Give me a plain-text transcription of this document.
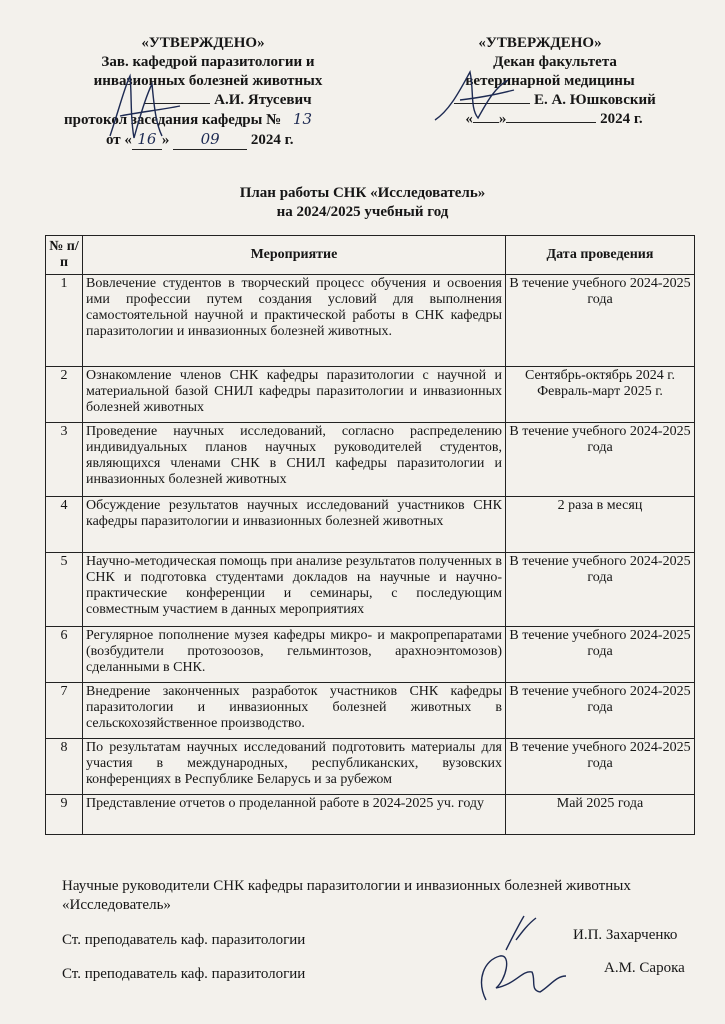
«УТВЕРЖДЕНО»
Зав. кафедрой паразитологии и
инвазионных болезней животных
А.И. Ятусевич
протокол заседания кафедры № 13
от « 16 » 09 2024 г.
«УТВЕРЖДЕНО»
Декан факультета
ветеринарной медицины
Е. А. Юшковский
« »	2024 г.
План работы СНК «Исследователь»
на 2024/2025 учебный год
№ п/п	Мероприятие	Дата проведения
1	Вовлечение студентов в творческий процесс обучения и освоения ими профессии путем создания условий для выполнения самостоятельной научной и практической работы в СНК кафедры паразитологии и инвазионных болезней животных.	В течение учебного 2024-2025 года
2	Ознакомление членов СНК кафедры паразитологии с научной и материальной базой СНИЛ кафедры паразитологии и инвазионных болезней животных	Сентябрь-октябрь 2024 г. Февраль-март 2025 г.
3	Проведение научных исследований, согласно распределению индивидуальных планов научных руководителей студентов, являющихся членами СНК в СНИЛ кафедры паразитологии и инвазионных болезней животных	В течение учебного 2024-2025 года
4	Обсуждение результатов научных исследований участников СНК кафедры паразитологии и инвазионных болезней животных	2 раза в месяц
5	Научно-методическая помощь при анализе результатов полученных в СНК и подготовка студентами докладов на научные и научно-практические конференции и семинары, с последующим совместным участием в данных мероприятиях	В течение учебного 2024-2025 года
6	Регулярное пополнение музея кафедры микро- и макропрепаратами (возбудители протозоозов, гельминтозов, арахноэнтомозов) сделанными в СНК.	В течение учебного 2024-2025 года
7	Внедрение законченных разработок участников СНК кафедры паразитологии и инвазионных болезней животных в сельскохозяйственное производство.	В течение учебного 2024-2025 года
8	По результатам научных исследований подготовить материалы для участия в международных, республиканских, вузовских конференциях в Республике Беларусь и за рубежом	В течение учебного 2024-2025 года
9	Представление отчетов о проделанной работе в 2024-2025 уч. году	Май 2025 года
Научные руководители СНК кафедры паразитологии и инвазионных болезней животных
«Исследователь»
Ст. преподаватель каф. паразитологии	И.П. Захарченко
Ст. преподаватель каф. паразитологии	А.М. Сарока
